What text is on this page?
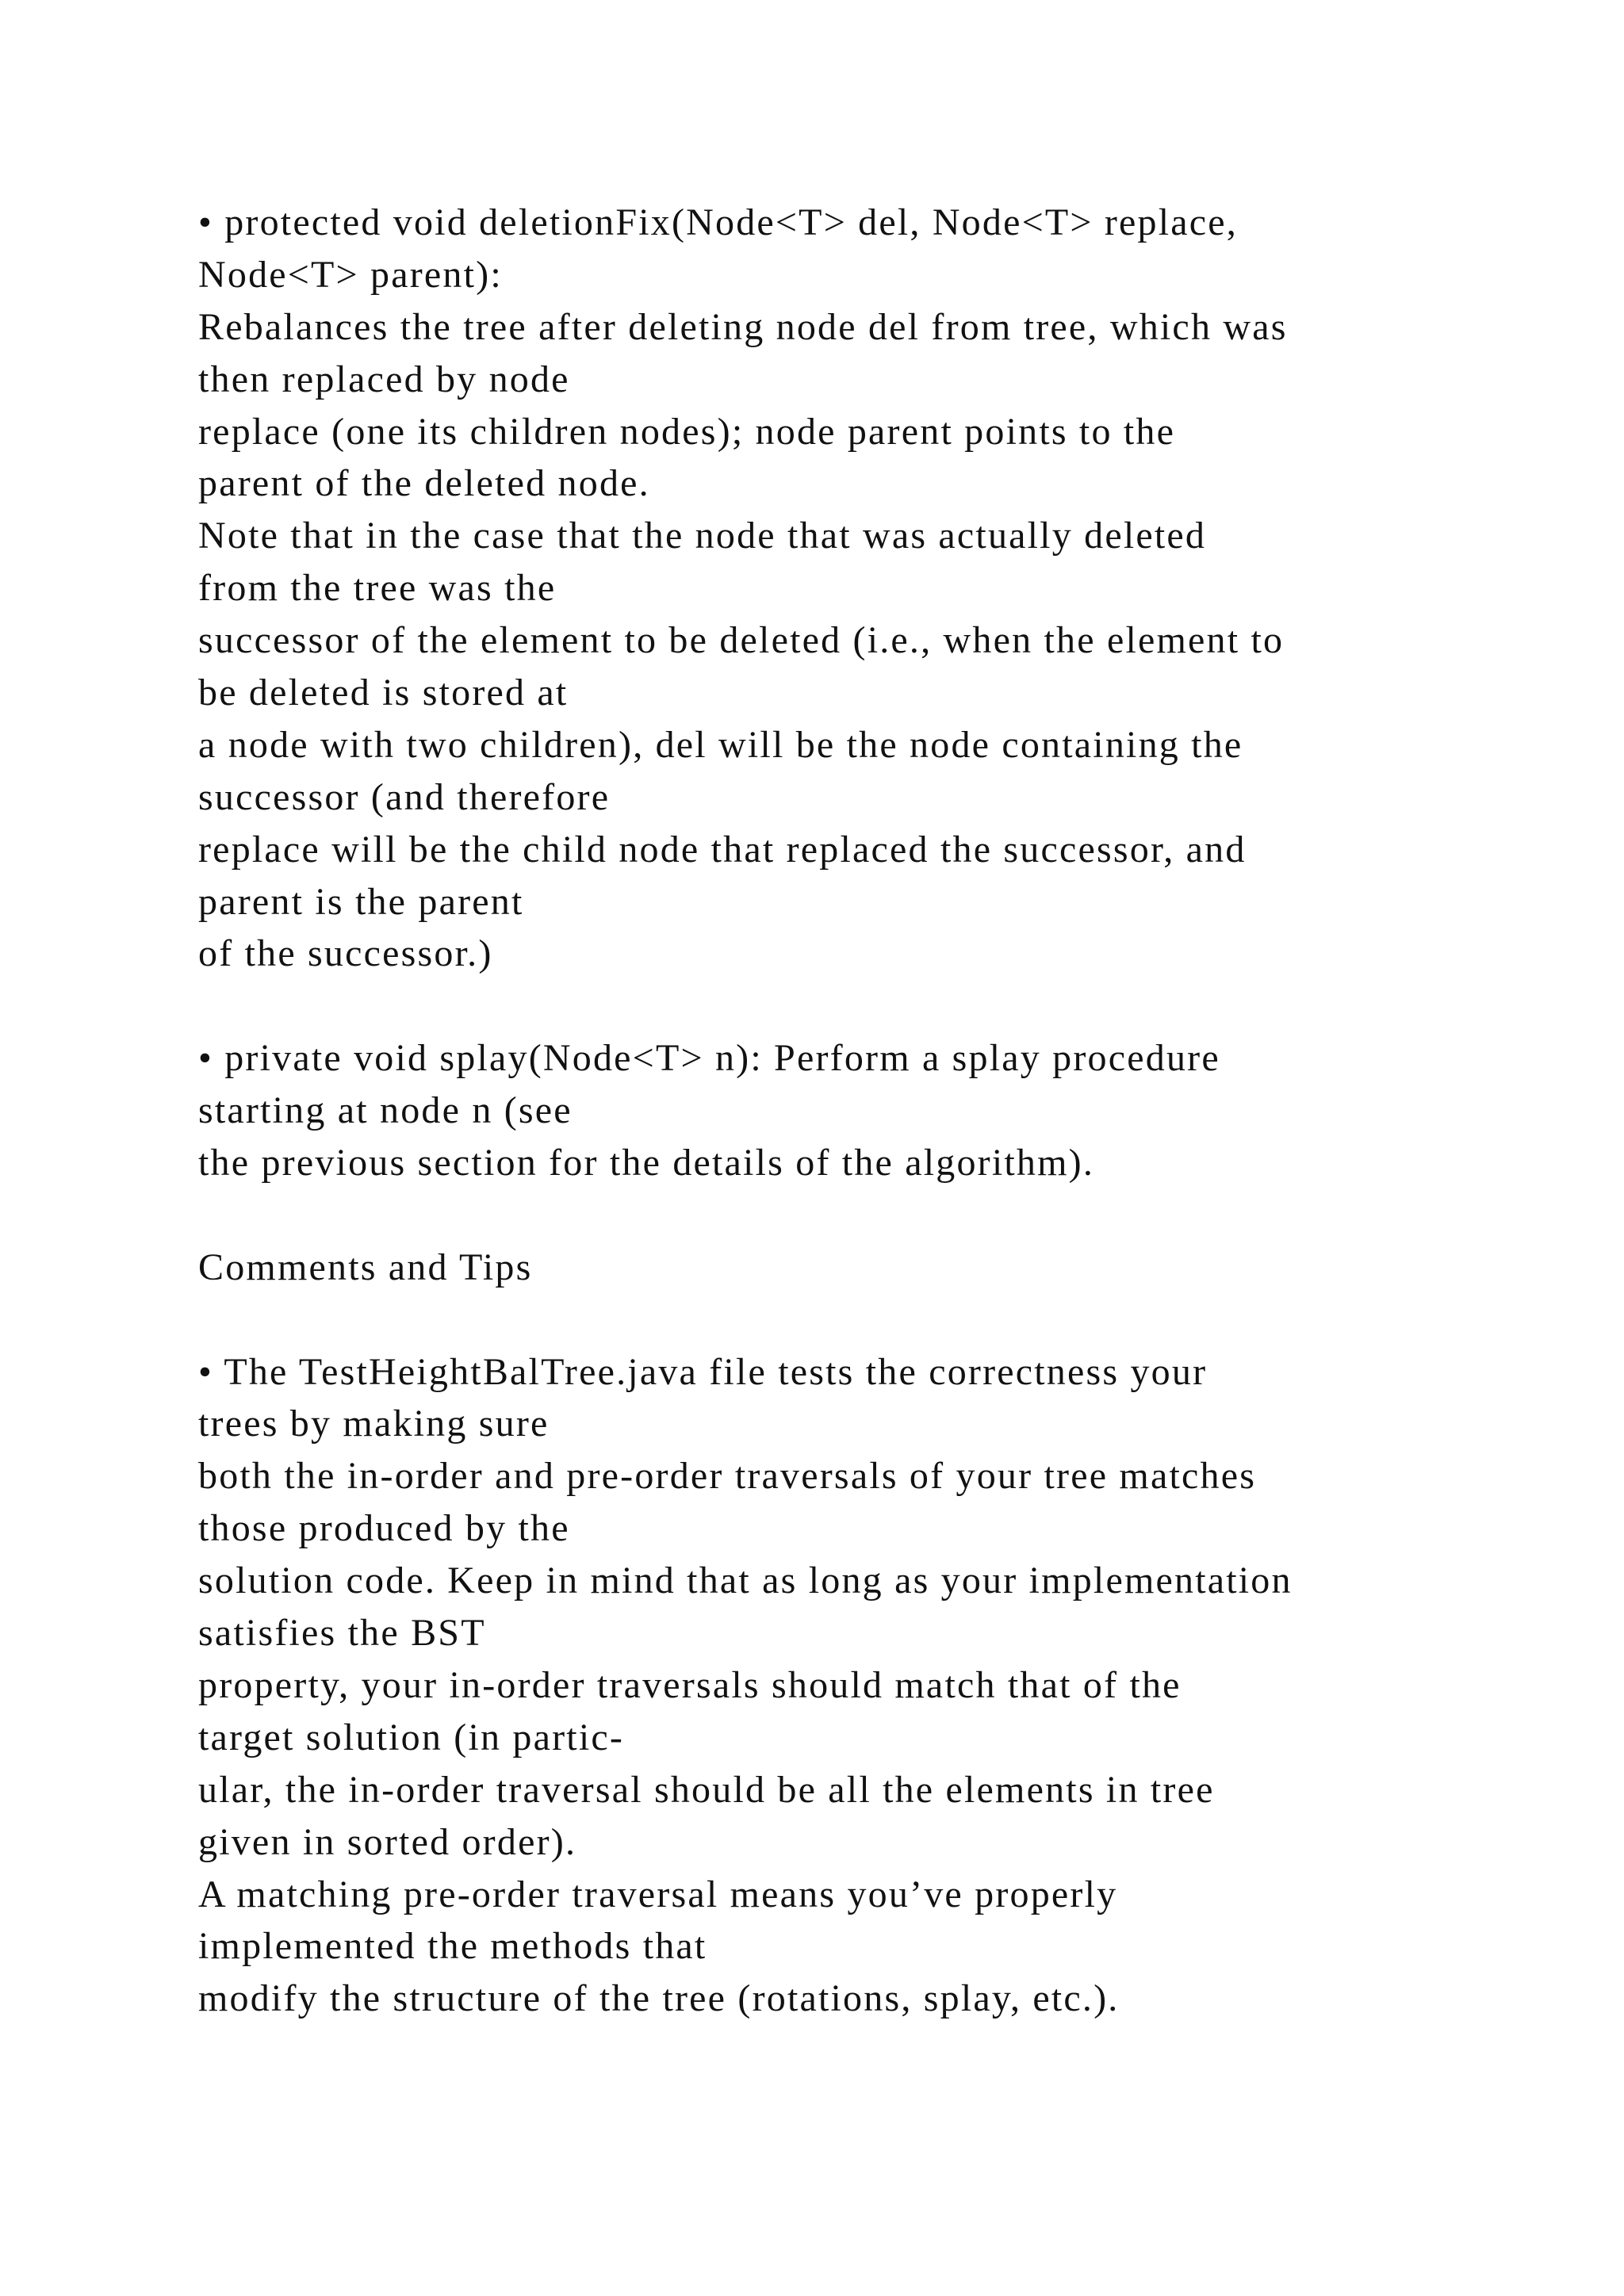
• protected void deletionFix(Node<T> del, Node<T> replace,
Node<T> parent):
Rebalances the tree after deleting node del from tree, which was
then replaced by node
replace (one its children nodes); node parent points to the
parent of the deleted node.
Note that in the case that the node that was actually deleted
from the tree was the
successor of the element to be deleted (i.e., when the element to
be deleted is stored at
a node with two children), del will be the node containing the
successor (and therefore
replace will be the child node that replaced the successor, and
parent is the parent
of the successor.)
• private void splay(Node<T> n): Perform a splay procedure
starting at node n (see
the previous section for the details of the algorithm).
Comments and Tips
• The TestHeightBalTree.java file tests the correctness your
trees by making sure
both the in-order and pre-order traversals of your tree matches
those produced by the
solution code. Keep in mind that as long as your implementation
satisfies the BST
property, your in-order traversals should match that of the
target solution (in partic-
ular, the in-order traversal should be all the elements in tree
given in sorted order).
A matching pre-order traversal means you’ve properly
implemented the methods that
modify the structure of the tree (rotations, splay, etc.).
